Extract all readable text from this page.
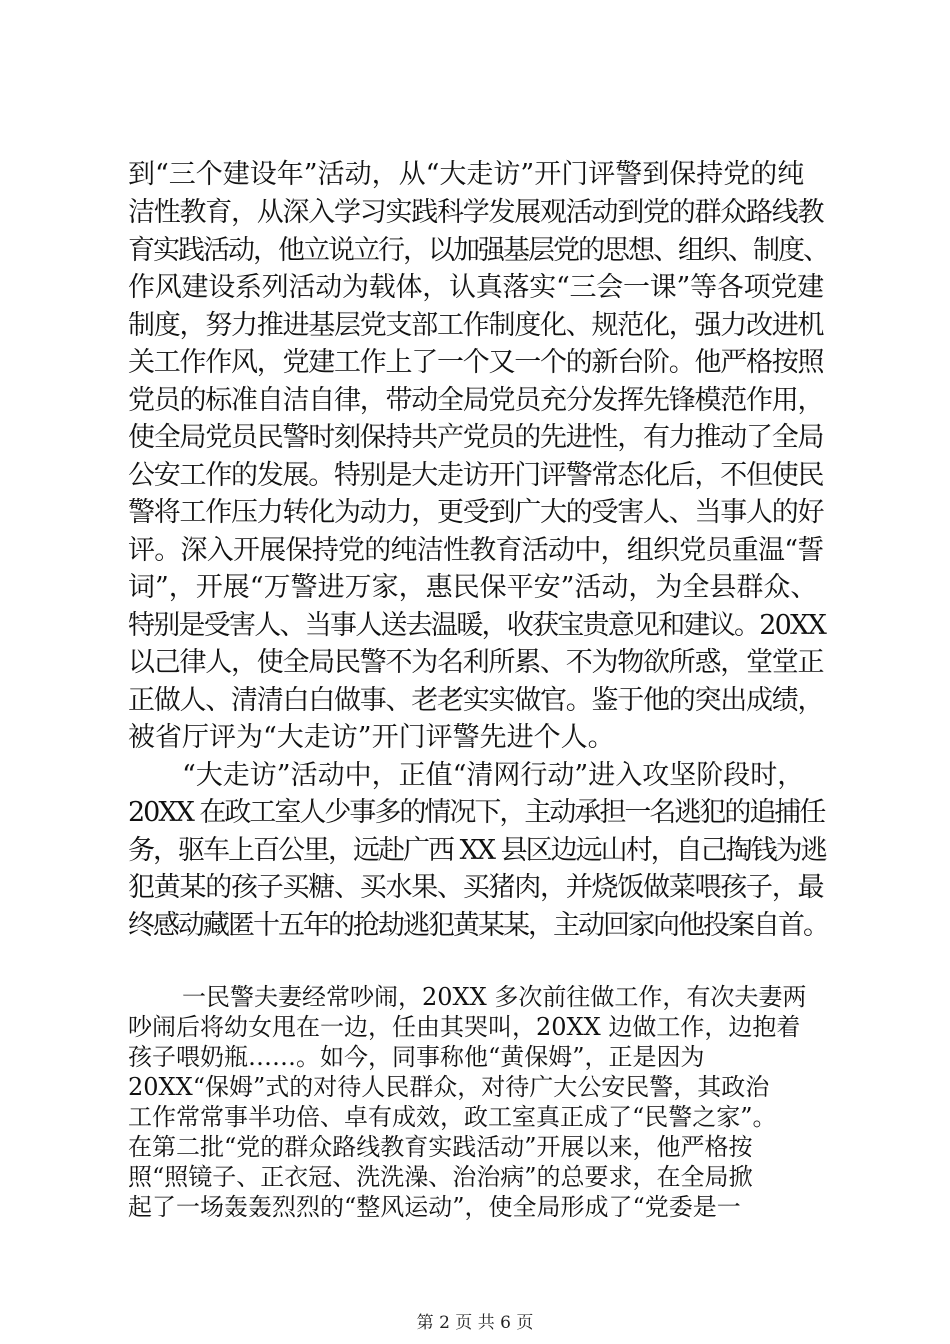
到“三个建设年”活动，从“大走访”开门评警到保持党的纯
洁性教育，从深入学习实践科学发展观活动到党的群众路线教
育实践活动，他立说立行，以加强基层党的思想、组织、制度、
作风建设系列活动为载体，认真落实“三会一课”等各项党建
制度，努力推进基层党支部工作制度化、规范化，强力改进机
关工作作风，党建工作上了一个又一个的新台阶。他严格按照
党员的标准自洁自律，带动全局党员充分发挥先锋模范作用，
使全局党员民警时刻保持共产党员的先进性，有力推动了全局
公安工作的发展。特别是大走访开门评警常态化后，不但使民
警将工作压力转化为动力，更受到广大的受害人、当事人的好
评。深入开展保持党的纯洁性教育活动中，组织党员重温“誓
词”，开展“万警进万家，惠民保平安”活动，为全县群众、
特别是受害人、当事人送去温暖，收获宝贵意见和建议。20XX
以己律人，使全局民警不为名利所累、不为物欲所惑，堂堂正
正做人、清清白白做事、老老实实做官。鉴于他的突出成绩，
被省厅评为“大走访”开门评警先进个人。
“大走访”活动中，正值“清网行动”进入攻坚阶段时，
20XX 在政工室人少事多的情况下，主动承担一名逃犯的追捕任
务，驱车上百公里，远赴广西 XX 县区边远山村，自己掏钱为逃
犯黄某的孩子买糖、买水果、买猪肉，并烧饭做菜喂孩子，最
终感动藏匿十五年的抢劫逃犯黄某某，主动回家向他投案自首。
一民警夫妻经常吵闹，20XX 多次前往做工作，有次夫妻两
吵闹后将幼女甩在一边，任由其哭叫，20XX 边做工作，边抱着
孩子喂奶瓶……。如今，同事称他“黄保姆”，正是因为
20XX“保姆”式的对待人民群众，对待广大公安民警，其政治
工作常常事半功倍、卓有成效，政工室真正成了“民警之家”。
在第二批“党的群众路线教育实践活动”开展以来，他严格按
照“照镜子、正衣冠、洗洗澡、治治病”的总要求，在全局掀
起了一场轰轰烈烈的“整风运动”，使全局形成了“党委是一
第 2 页 共 6 页
